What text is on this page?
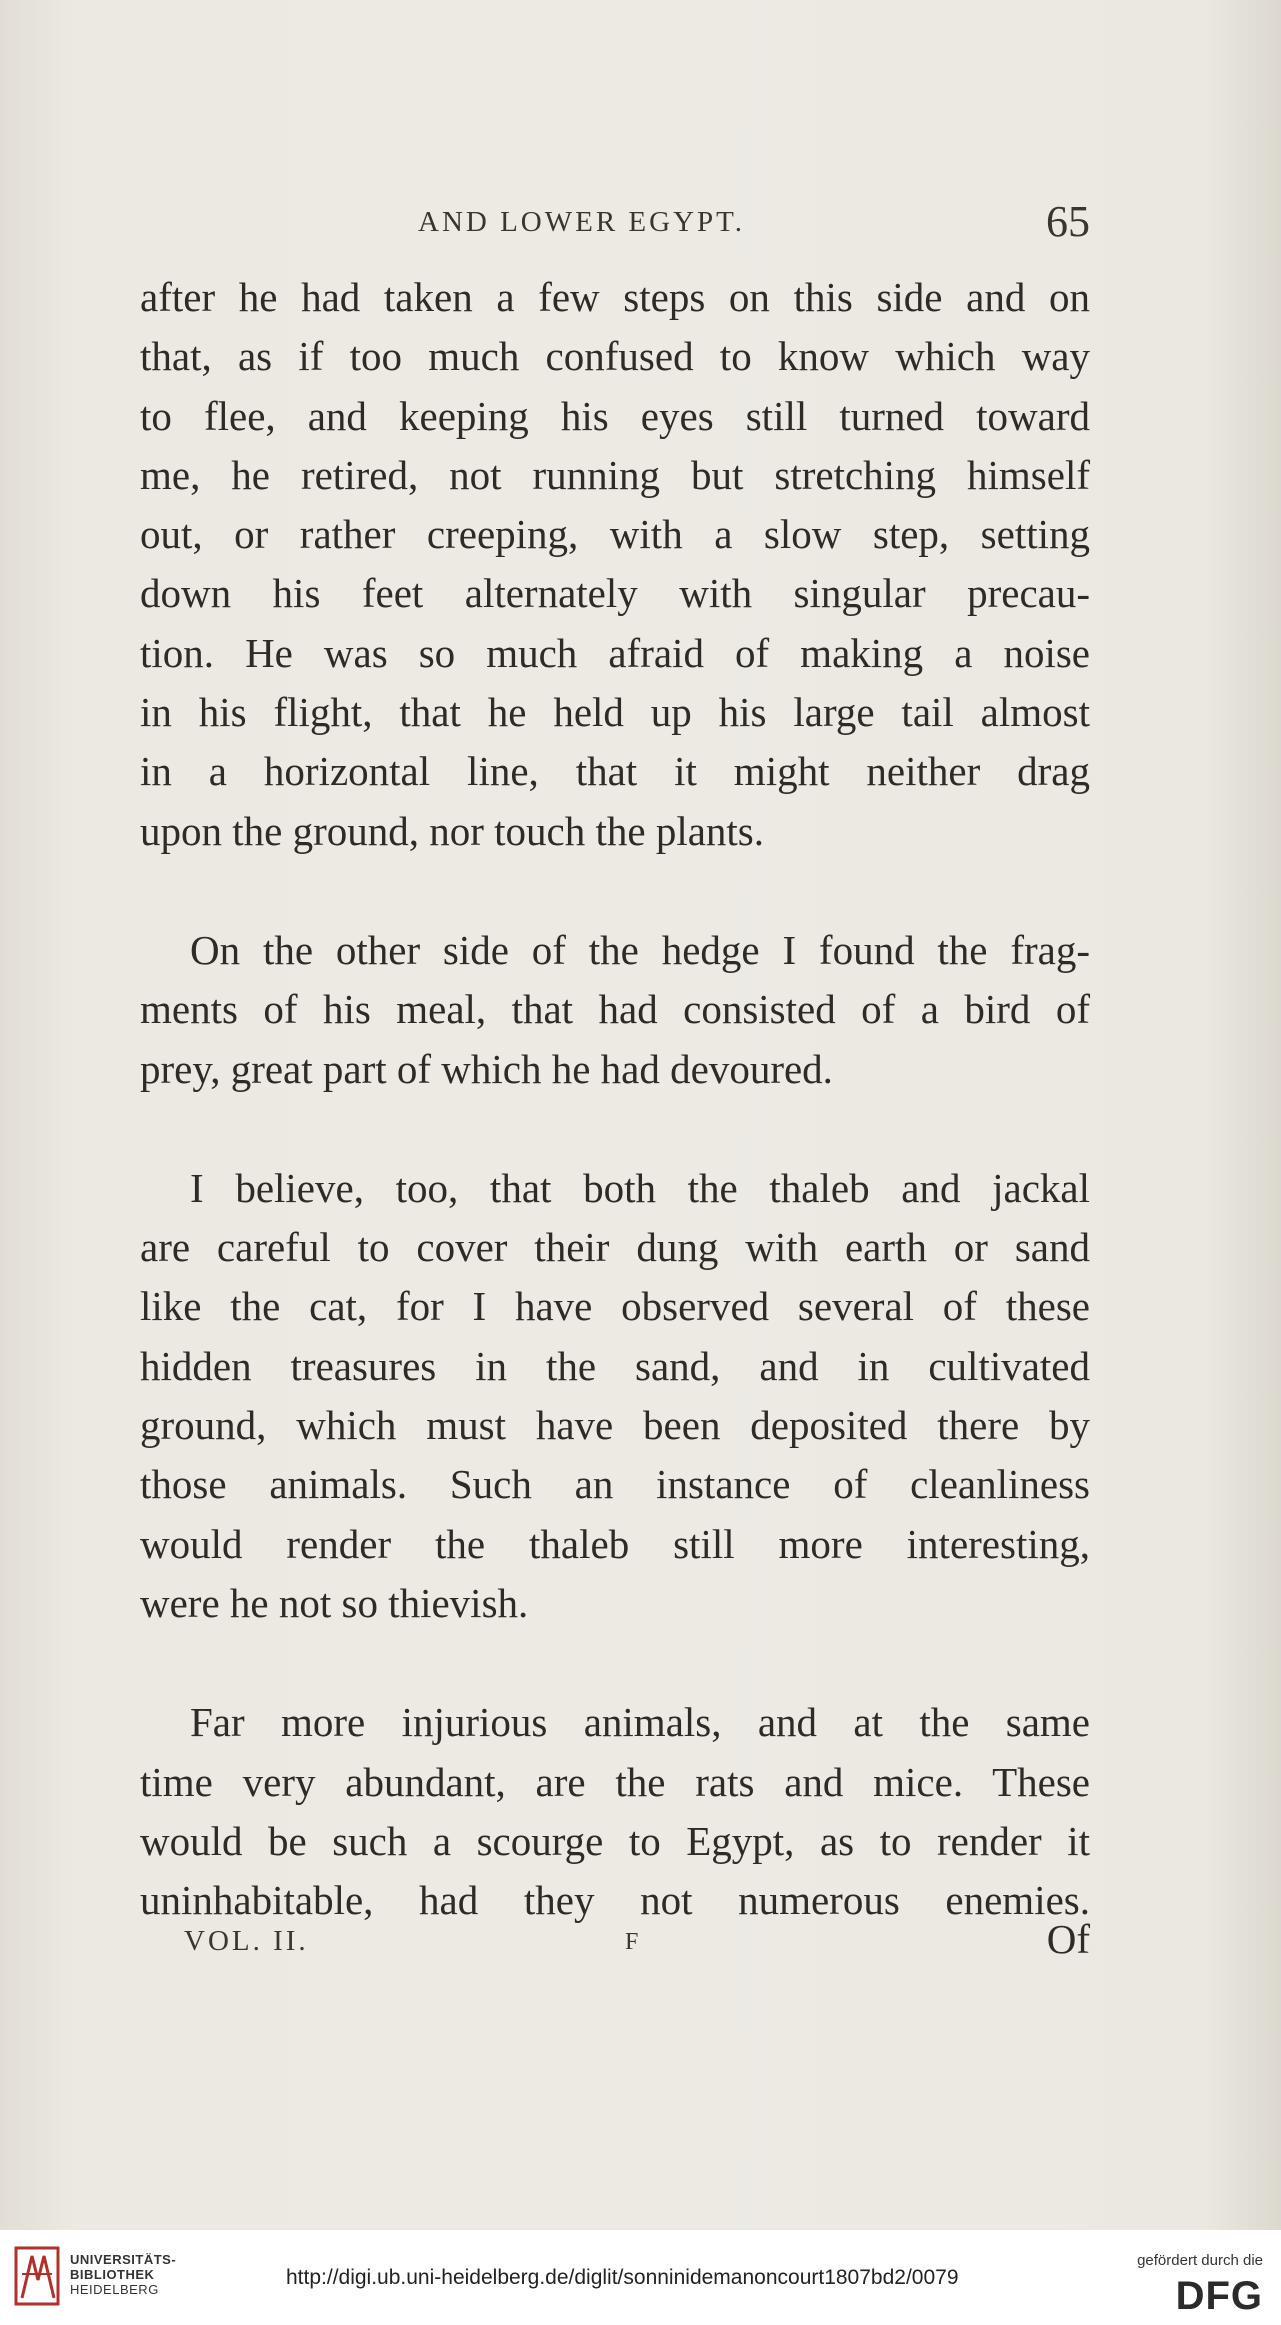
AND LOWER EGYPT.	65

after he had taken a few steps on this side and on
that, as if too much confused to know which way
to flee, and keeping his eyes still turned toward
me, he retired, not running but stretching himself
out, or rather creeping, with a slow step, setting
down his feet alternately with singular precau-
tion. He was so much afraid of making a noise
in his flight, that he held up his large tail almost
in a horizontal line, that it might neither drag
upon the ground, nor touch the plants.

On the other side of the hedge I found the frag-
ments of his meal, that had consisted of a bird of
prey, great part of which he had devoured.

I believe, too, that both the thaleb and jackal
are careful to cover their dung with earth or sand
like the cat, for I have observed several of these
hidden treasures in the sand, and in cultivated
ground, which must have been deposited there by
those animals. Such an instance of cleanliness
would render the thaleb still more interesting,
were he not so thievish.

Far more injurious animals, and at the same
time very abundant, are the rats and mice. These
would be such a scourge to Egypt, as to render it
uninhabitable, had they not numerous enemies.

VOL. II.	F	Of
UNIVERSITÄTS-
BIBLIOTHEK
HEIDELBERG
http://digi.ub.uni-heidelberg.de/diglit/sonninidemanoncourt1807bd2/0079
gefördert durch die
DFG
